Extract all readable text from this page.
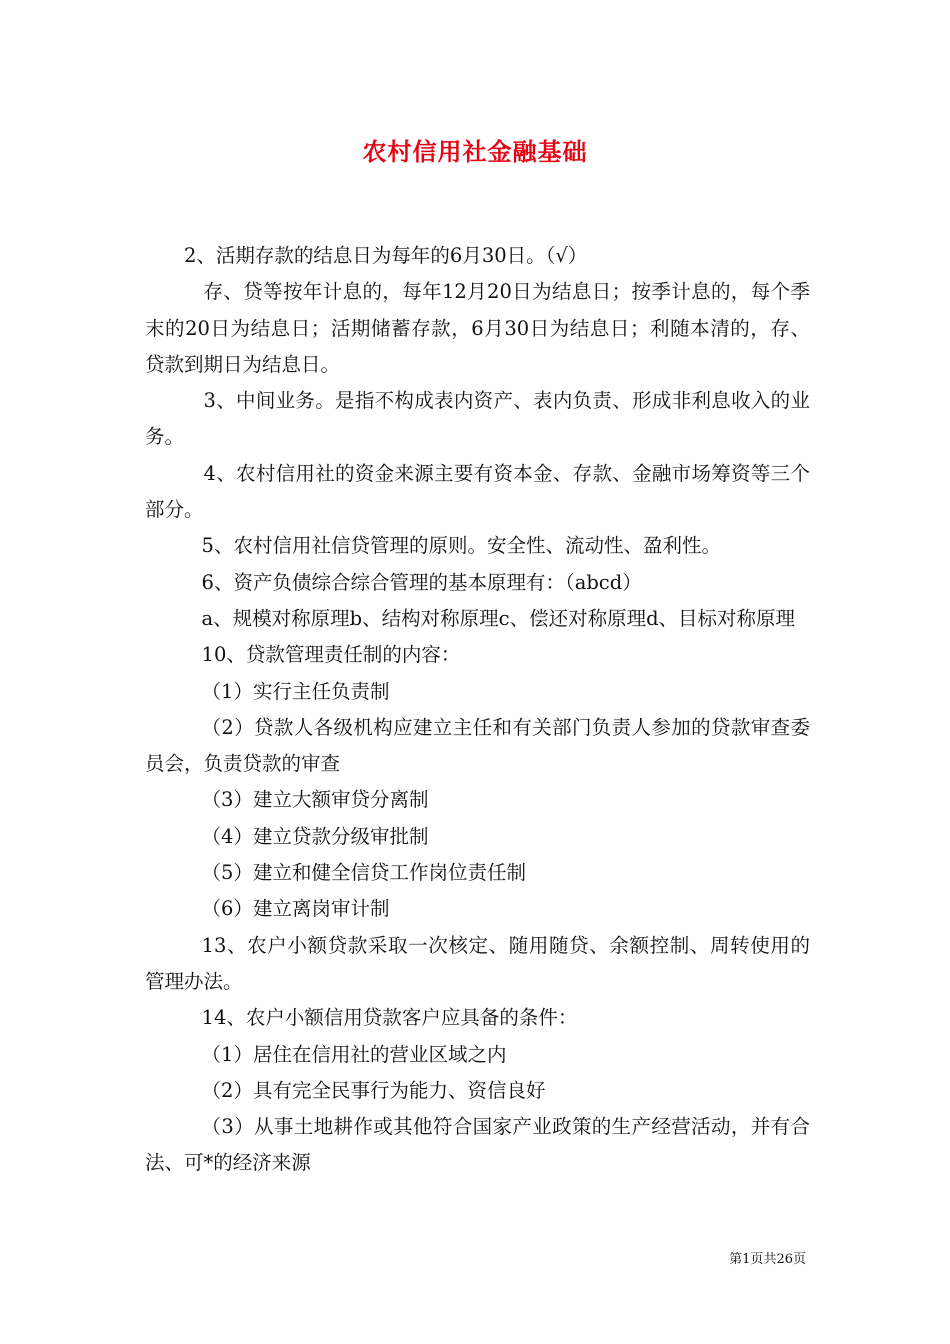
农村信用社金融基础

2、活期存款的结息日为每年的6月30日。（√）

存、贷等按年计息的，每年12月20日为结息日；按季计息的，每个季末的20日为结息日；活期储蓄存款，6月30日为结息日；利随本清的，存、贷款到期日为结息日。

3、中间业务。是指不构成表内资产、表内负责、形成非利息收入的业务。

4、农村信用社的资金来源主要有资本金、存款、金融市场筹资等三个部分。

5、农村信用社信贷管理的原则。安全性、流动性、盈利性。

6、资产负债综合综合管理的基本原理有：（abcd）

a、规模对称原理b、结构对称原理c、偿还对称原理d、目标对称原理

10、贷款管理责任制的内容：

（1）实行主任负责制

（2）贷款人各级机构应建立主任和有关部门负责人参加的贷款审查委员会，负责贷款的审查

（3）建立大额审贷分离制

（4）建立贷款分级审批制

（5）建立和健全信贷工作岗位责任制

（6）建立离岗审计制

13、农户小额贷款采取一次核定、随用随贷、余额控制、周转使用的管理办法。

14、农户小额信用贷款客户应具备的条件：

（1）居住在信用社的营业区域之内

（2）具有完全民事行为能力、资信良好

（3）从事土地耕作或其他符合国家产业政策的生产经营活动，并有合法、可*的经济来源

第1页共26页
